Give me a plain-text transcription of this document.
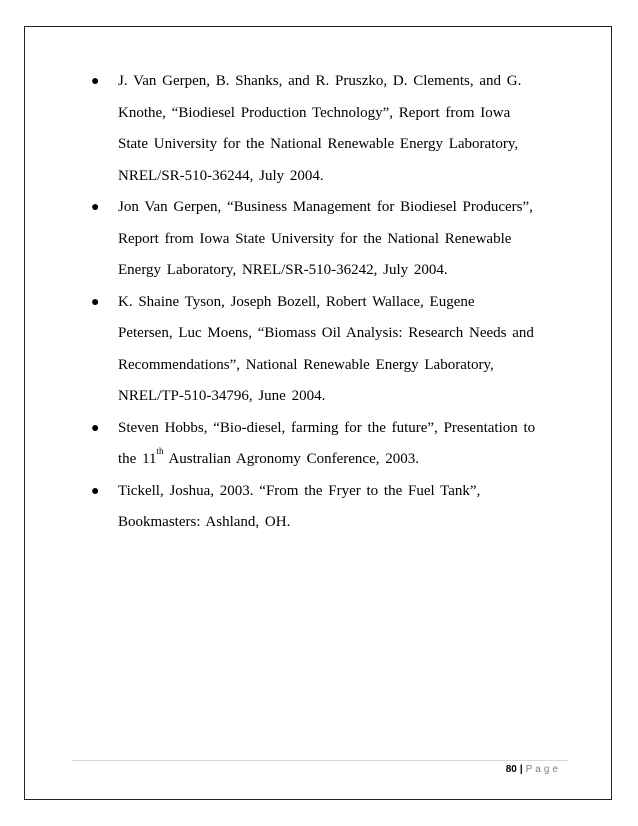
● J. Van Gerpen, B. Shanks, and R. Pruszko, D. Clements, and G.
Knothe, “Biodiesel Production Technology”, Report from Iowa
State University for the National Renewable Energy Laboratory,
NREL/SR-510-36244, July 2004.
● Jon Van Gerpen, “Business Management for Biodiesel Producers”,
Report from Iowa State University for the National Renewable
Energy Laboratory, NREL/SR-510-36242, July 2004.
● K. Shaine Tyson, Joseph Bozell, Robert Wallace, Eugene
Petersen, Luc Moens, “Biomass Oil Analysis: Research Needs and
Recommendations”, National Renewable Energy Laboratory,
NREL/TP-510-34796, June 2004.
● Steven Hobbs, “Bio-diesel, farming for the future”, Presentation to
the 11th Australian Agronomy Conference, 2003.
● Tickell, Joshua, 2003. “From the Fryer to the Fuel Tank”,
Bookmasters: Ashland, OH.
80 | Page
